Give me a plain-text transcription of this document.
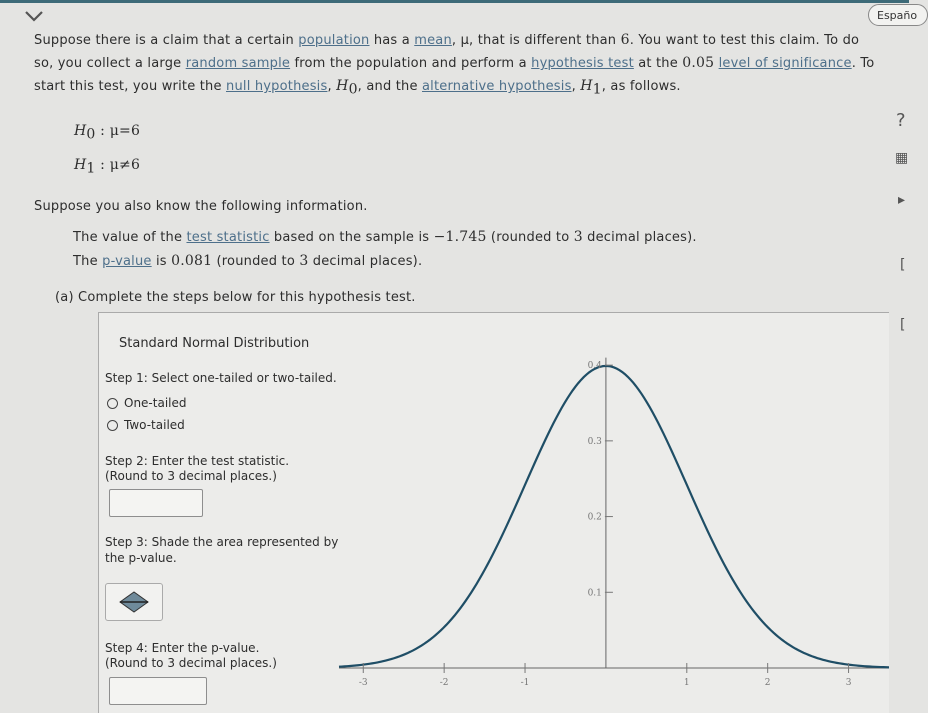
Españo
Suppose there is a claim that a certain population has a mean, μ, that is different than 6. You want to test this claim. To do
so, you collect a large random sample from the population and perform a hypothesis test at the 0.05 level of significance. To
start this test, you write the null hypothesis, $H_0$, and the alternative hypothesis, $H_1$, as follows.
$H_0$ : μ=6
$H_1$ : μ≠6
Suppose you also know the following information.
The value of the test statistic based on the sample is −1.745 (rounded to 3 decimal places).
The p-value is 0.081 (rounded to 3 decimal places).
(a) Complete the steps below for this hypothesis test.
?
▦
▸
[
[
Standard Normal Distribution
Step 1: Select one-tailed or two-tailed.
One-tailed
Two-tailed
Step 2: Enter the test statistic.
(Round to 3 decimal places.)
Step 3: Shade the area represented by
the p-value.
Step 4: Enter the p-value.
(Round to 3 decimal places.)
-3	-2	-1	1	2	3
0.1
0.2
0.3
0.4
